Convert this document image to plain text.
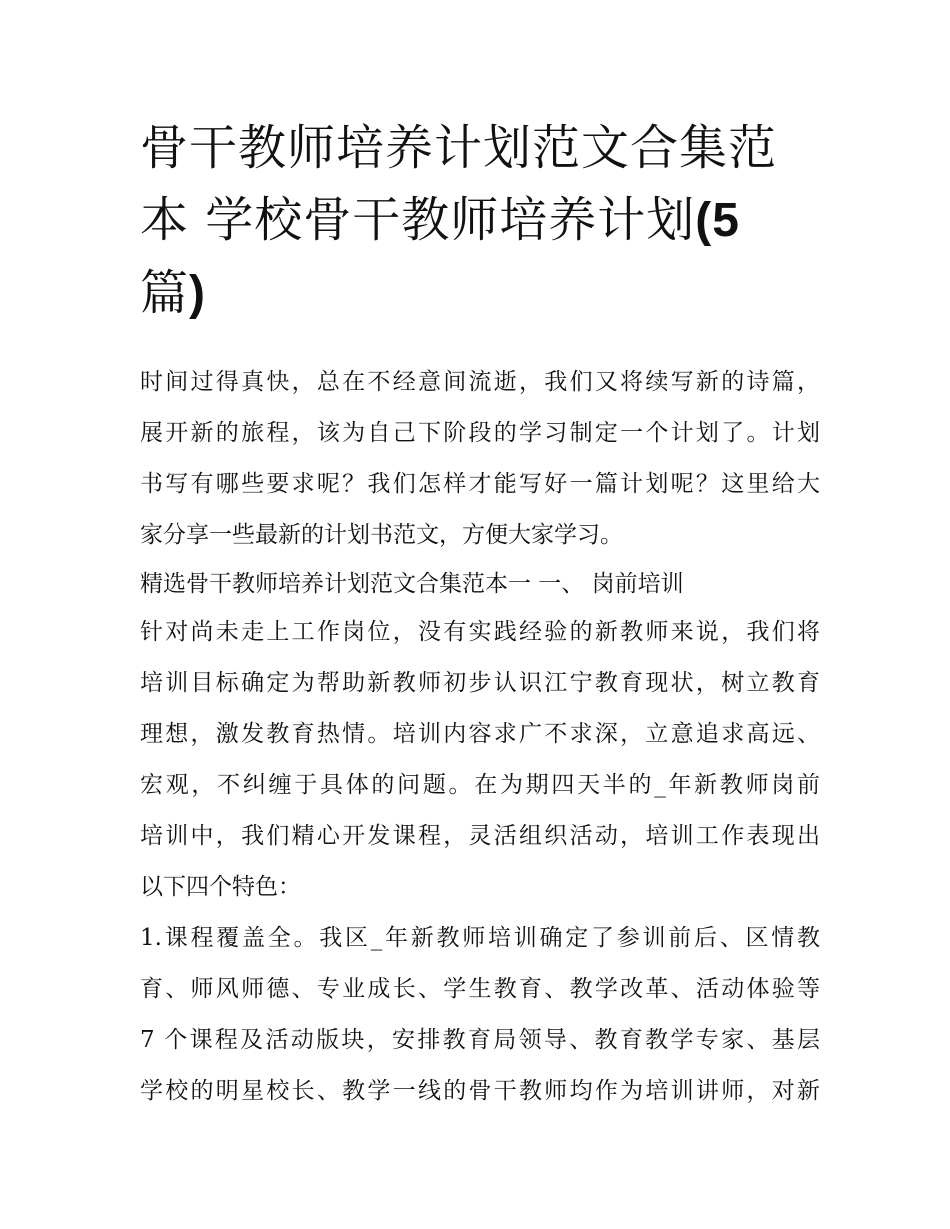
骨干教师培养计划范文合集范
本 学校骨干教师培养计划(5
篇)
时间过得真快，总在不经意间流逝，我们又将续写新的诗篇，
展开新的旅程，该为自己下阶段的学习制定一个计划了。计划
书写有哪些要求呢？我们怎样才能写好一篇计划呢？这里给大
家分享一些最新的计划书范文，方便大家学习。
精选骨干教师培养计划范文合集范本一 一、 岗前培训
针对尚未走上工作岗位，没有实践经验的新教师来说，我们将
培训目标确定为帮助新教师初步认识江宁教育现状，树立教育
理想，激发教育热情。培训内容求广不求深，立意追求高远、
宏观，不纠缠于具体的问题。在为期四天半的_年新教师岗前
培训中，我们精心开发课程，灵活组织活动，培训工作表现出
以下四个特色：
1.课程覆盖全。我区_年新教师培训确定了参训前后、区情教
育、师风师德、专业成长、学生教育、教学改革、活动体验等
7 个课程及活动版块，安排教育局领导、教育教学专家、基层
学校的明星校长、教学一线的骨干教师均作为培训讲师，对新
